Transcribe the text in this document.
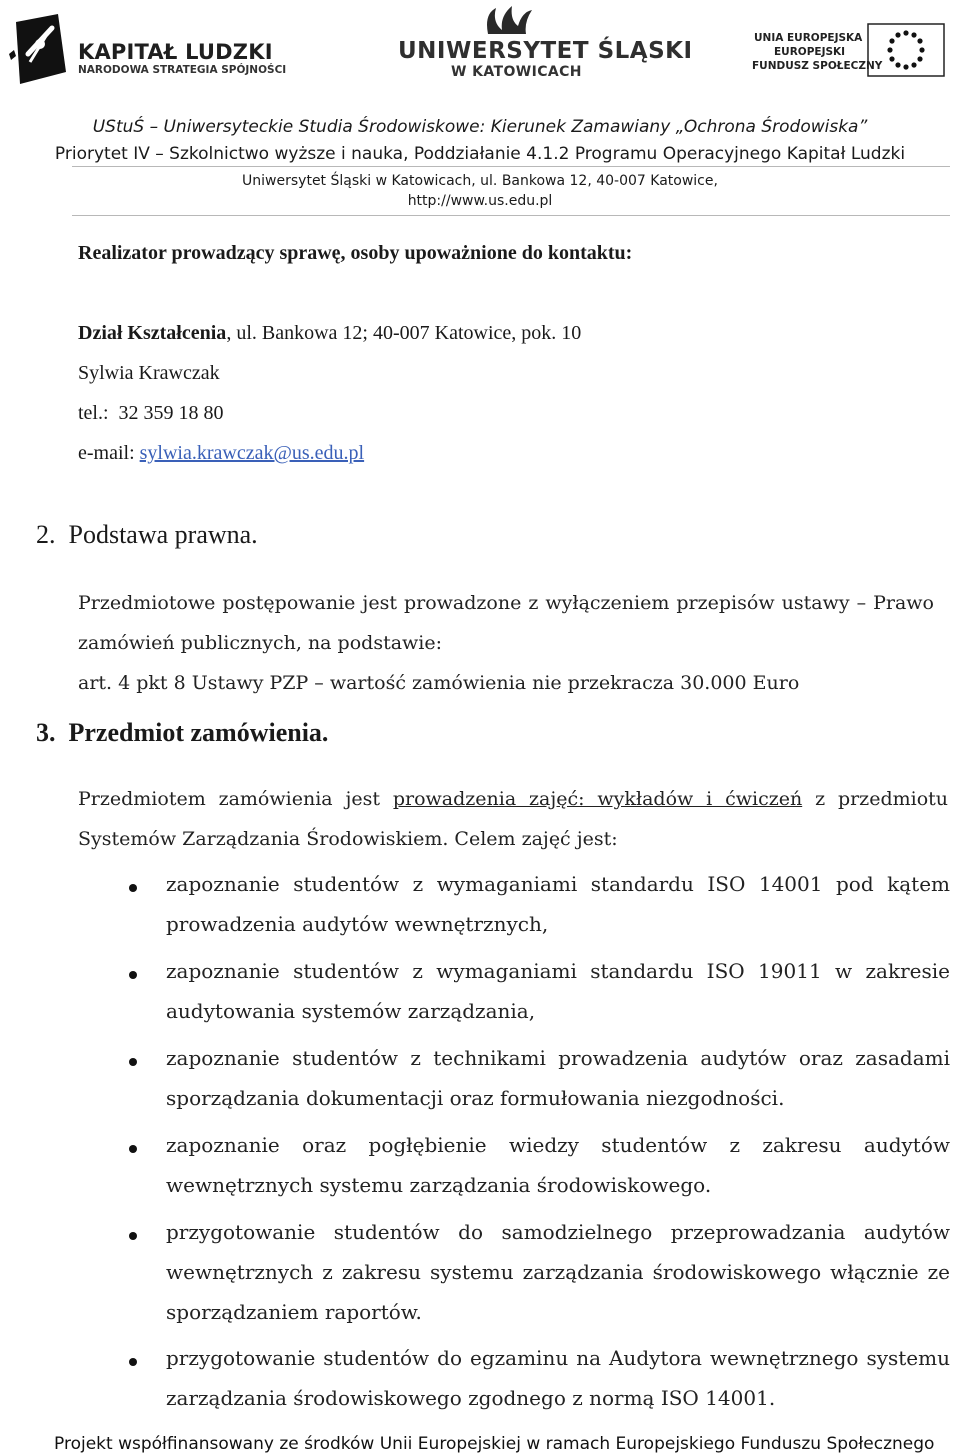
KAPITAŁ LUDZKI
NARODOWA STRATEGIA SPÓJNOŚCI
UNIWERSYTET ŚLĄSKI
W KATOWICACH
UNIA EUROPEJSKA
EUROPEJSKI
FUNDUSZ SPOŁECZNY
UStuŚ – Uniwersyteckie Studia Środowiskowe: Kierunek Zamawiany „Ochrona Środowiska”
Priorytet IV – Szkolnictwo wyższe i nauka, Poddziałanie 4.1.2 Programu Operacyjnego Kapitał Ludzki
Uniwersytet Śląski w Katowicach, ul. Bankowa 12, 40-007 Katowice,
http://www.us.edu.pl
Realizator prowadzący sprawę, osoby upoważnione do kontaktu:
Dział Kształcenia, ul. Bankowa 12; 40-007 Katowice, pok. 10
Sylwia Krawczak
tel.:  32 359 18 80
e-mail: sylwia.krawczak@us.edu.pl
2.  Podstawa prawna.
Przedmiotowe postępowanie jest prowadzone z wyłączeniem przepisów ustawy – Prawo
zamówień publicznych, na podstawie:
art. 4 pkt 8 Ustawy PZP – wartość zamówienia nie przekracza 30.000 Euro
3.  Przedmiot zamówienia.
Przedmiotem zamówienia jest prowadzenia zajęć: wykładów i ćwiczeń z przedmiotu
Systemów Zarządzania Środowiskiem. Celem zajęć jest:
zapoznanie studentów z wymaganiami standardu ISO 14001 pod kątem
prowadzenia audytów wewnętrznych,
zapoznanie studentów z wymaganiami standardu ISO 19011 w zakresie
audytowania systemów zarządzania,
zapoznanie studentów z technikami prowadzenia audytów oraz zasadami
sporządzania dokumentacji oraz formułowania niezgodności.
zapoznanie oraz pogłębienie wiedzy studentów z zakresu audytów
wewnętrznych systemu zarządzania środowiskowego.
przygotowanie studentów do samodzielnego przeprowadzania audytów
wewnętrznych z zakresu systemu zarządzania środowiskowego włącznie ze
sporządzaniem raportów.
przygotowanie studentów do egzaminu na Audytora wewnętrznego systemu
zarządzania środowiskowego zgodnego z normą ISO 14001.
Projekt współfinansowany ze środków Unii Europejskiej w ramach Europejskiego Funduszu Społecznego
